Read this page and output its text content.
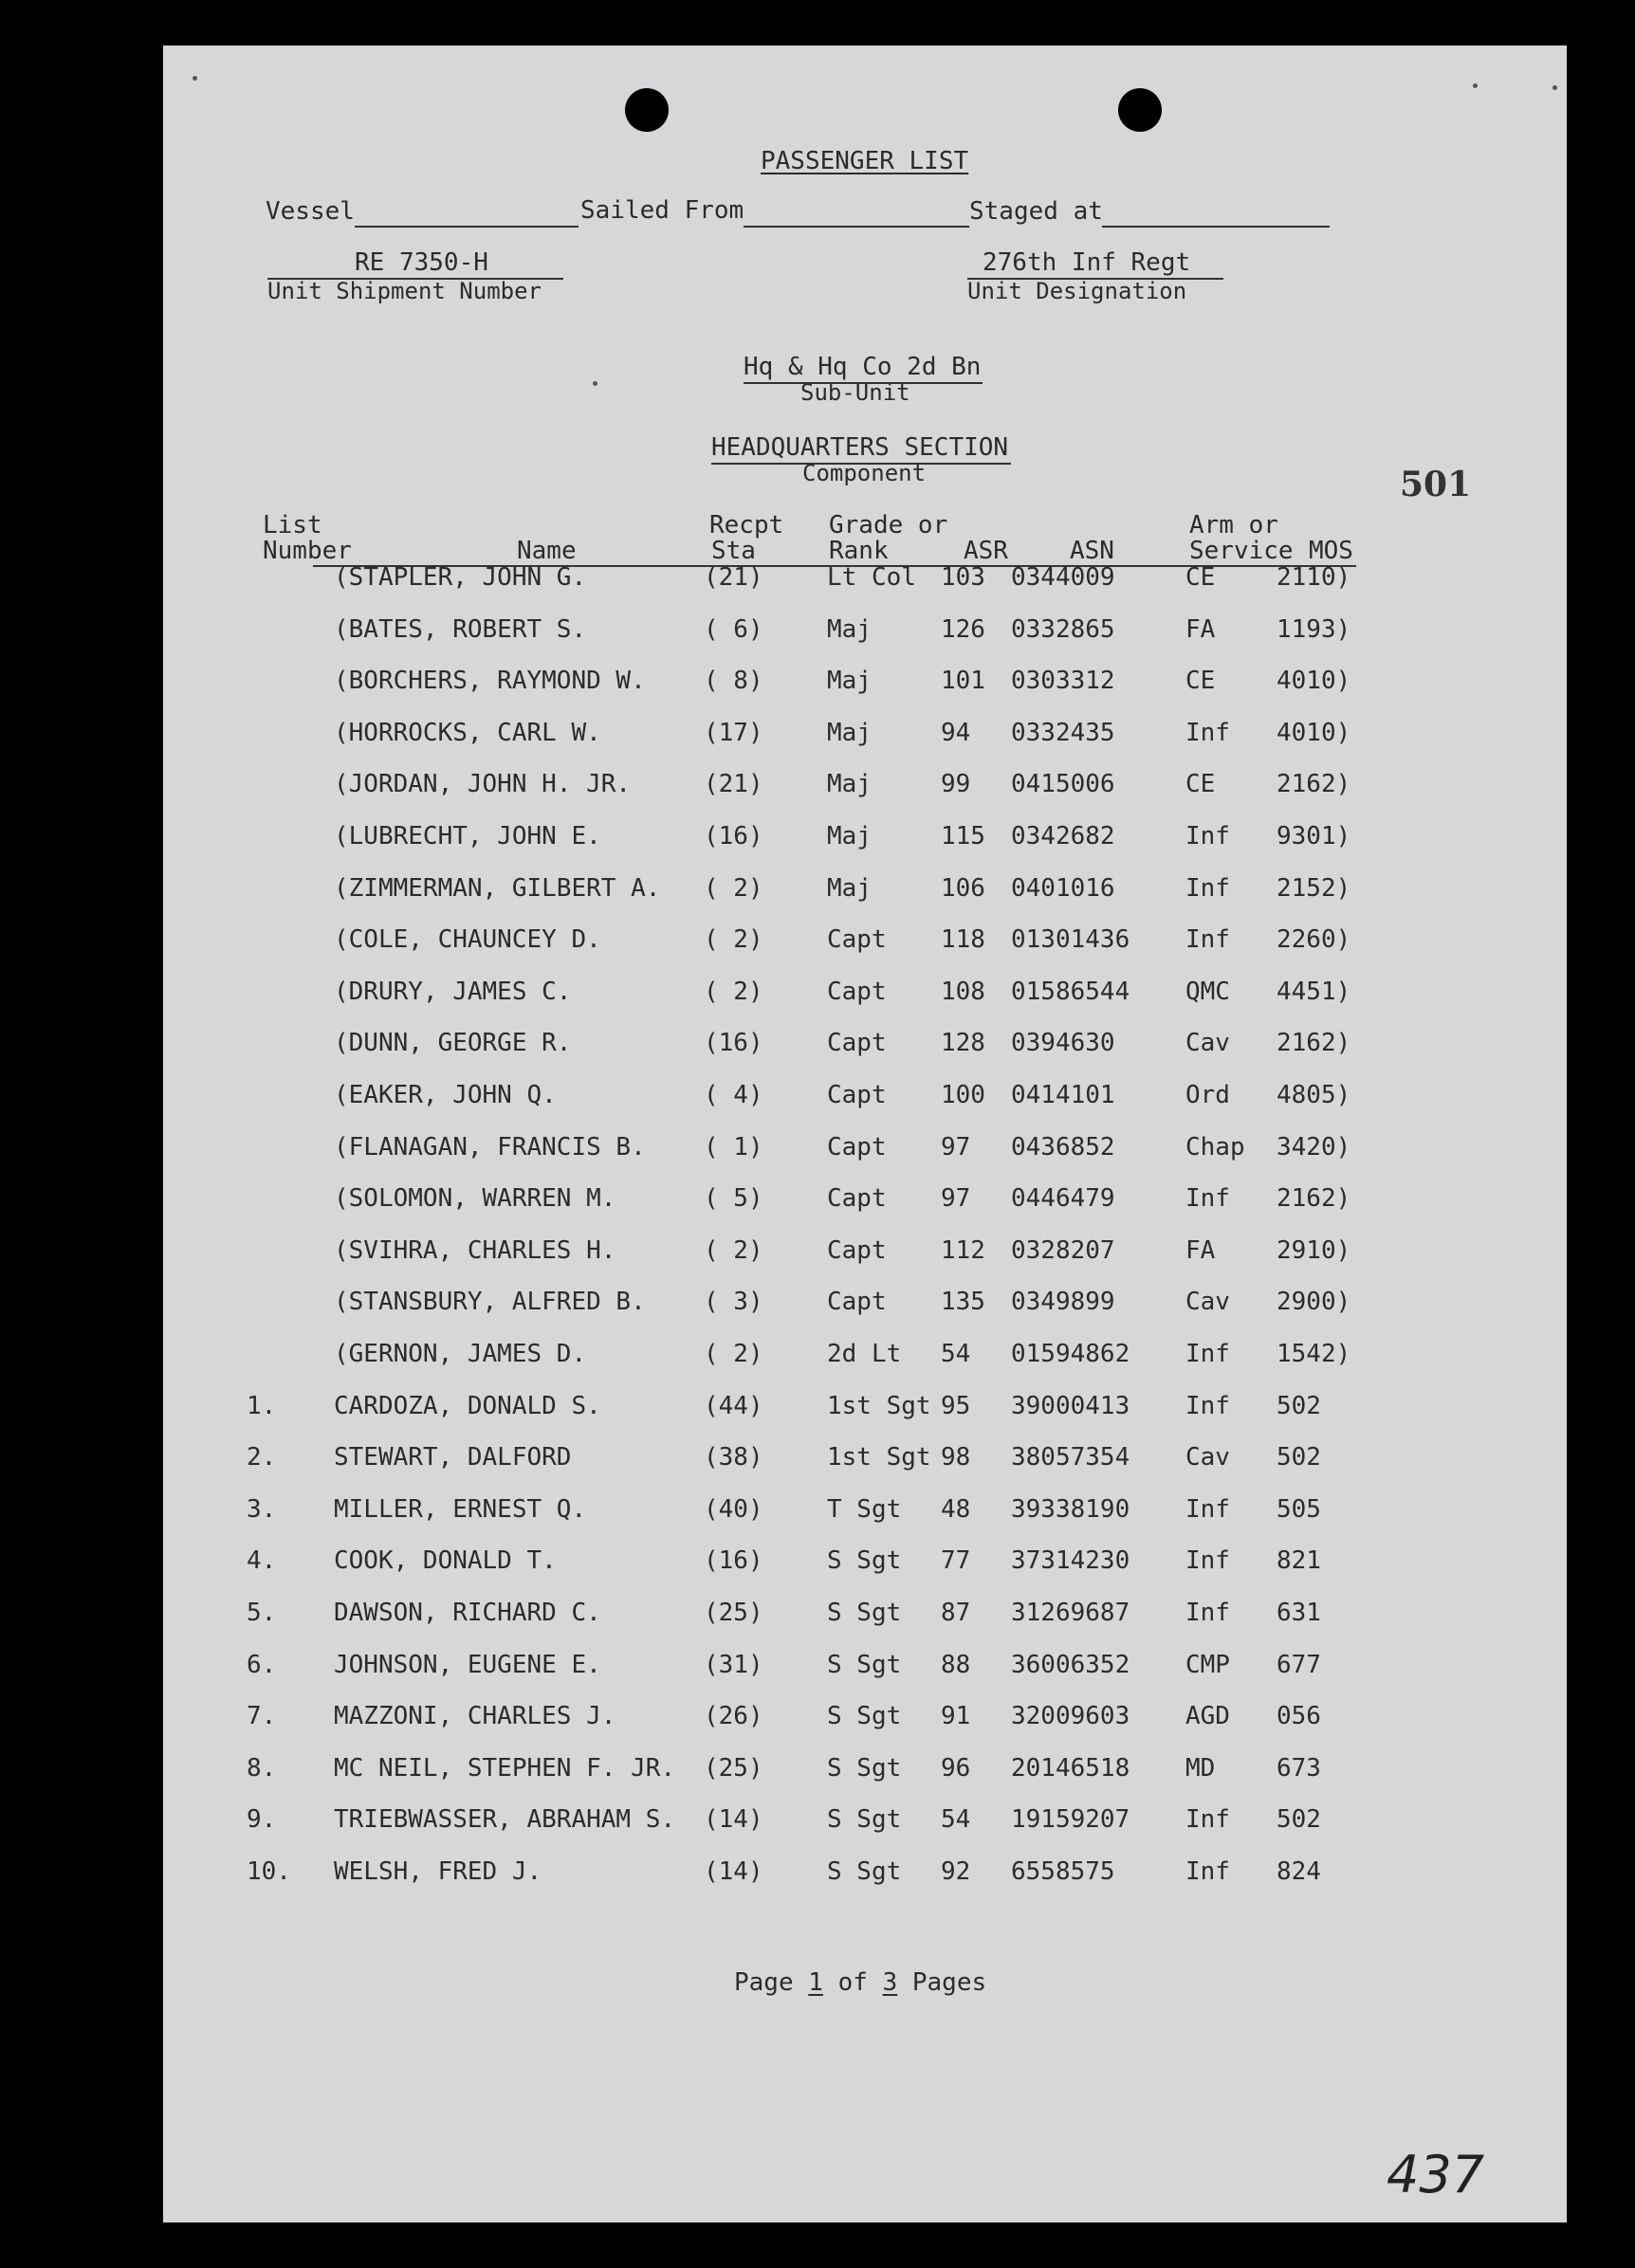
PASSENGER LIST
Vessel	Sailed From	Staged at
RE 7350-H
Unit Shipment Number
276th Inf Regt
Unit Designation
Hq & Hq Co 2d Bn
Sub-Unit
HEADQUARTERS SECTION
Component	501
List
Number	Name
Recpt
Sta
Grade or
Rank	ASR	ASN
Arm or
Service MOS
(STAPLER, JOHN G.	(21)	Lt Col 103 0344009	CE 2110)
(BATES, ROBERT S.	( 6)	Maj	126 0332865	FA 1193)
(BORCHERS, RAYMOND W. ( 8)	Maj	101 0303312	CE 4010)
(HORROCKS, CARL W.	(17)	Maj	94 0332435	Inf 4010)
(JORDAN, JOHN H. JR.	(21)	Maj	99 0415006	CE 2162)
(LUBRECHT, JOHN E.	(16)	Maj	115 0342682	Inf 9301)
(ZIMMERMAN, GILBERT A. ( 2)	Maj	106 0401016	Inf 2152)
(COLE, CHAUNCEY D.	( 2)	Capt 118 01301436 Inf 2260)
(DRURY, JAMES C.	( 2)	Capt 108 01586544 QMC 4451)
(DUNN, GEORGE R.	(16)	Capt 128 0394630	Cav 2162)
(EAKER, JOHN Q.	( 4)	Capt 100 0414101	Ord 4805)
(FLANAGAN, FRANCIS B. ( 1)	Capt 97 0436852	Chap 3420)
(SOLOMON, WARREN M.	( 5)	Capt 97 0446479	Inf 2162)
(SVIHRA, CHARLES H.	( 2)	Capt 112 0328207	FA 2910)
(STANSBURY, ALFRED B. ( 3)	Capt 135 0349899	Cav 2900)
(GERNON, JAMES D.	( 2)	2d Lt 54 01594862 Inf 1542)
1. CARDOZA, DONALD S.	(44)	1st Sgt 95 39000413 Inf 502
2. STEWART, DALFORD	(38)	1st Sgt 98 38057354 Cav 502
3. MILLER, ERNEST Q.	(40)	T Sgt 48 39338190 Inf 505
4. COOK, DONALD T.	(16)	S Sgt 77 37314230 Inf 821
5. DAWSON, RICHARD C.	(25)	S Sgt 87 31269687 Inf 631
6. JOHNSON, EUGENE E.	(31)	S Sgt 88 36006352 CMP 677
7. MAZZONI, CHARLES J.	(26)	S Sgt 91 32009603 AGD 056
8. MC NEIL, STEPHEN F. JR. (25)	S Sgt 96 20146518 MD 673
9. TRIEBWASSER, ABRAHAM S. (14)	S Sgt 54 19159207 Inf 502
10. WELSH, FRED J.	(14)	S Sgt 92 6558575	Inf 824
Page 1 of 3 Pages
437
